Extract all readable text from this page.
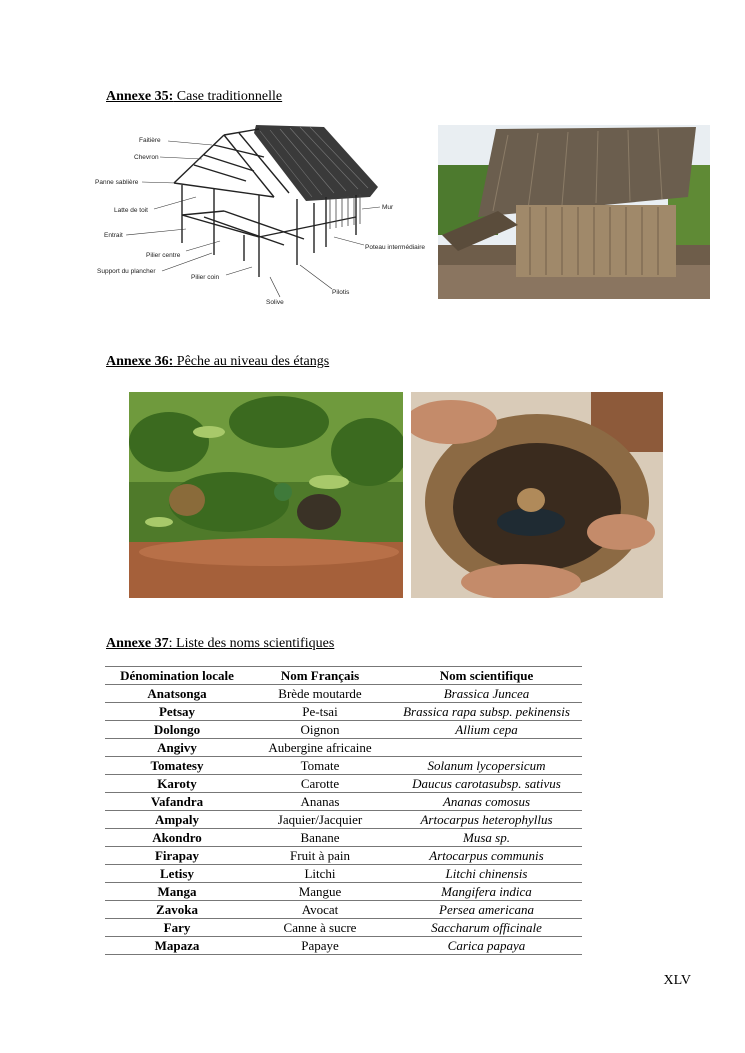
Annexe 35: Case traditionnelle
Faitière
Chevron
Panne sablière
Latte de toit
Entrait
Pilier centre
Support du plancher
Pilier coin
Solive
Pilotis
Poteau intermédiaire
Mur
Annexe 36: Pêche au niveau des étangs
Annexe 37: Liste des noms scientifiques
Dénomination locale	Nom Français	Nom scientifique
Anatsonga	Brède moutarde	Brassica Juncea
Petsay	Pe-tsai	Brassica rapa subsp. pekinensis
Dolongo	Oignon	Allium cepa
Angivy	Aubergine africaine	
Tomatesy	Tomate	Solanum lycopersicum
Karoty	Carotte	Daucus carotasubsp. sativus
Vafandra	Ananas	Ananas comosus
Ampaly	Jaquier/Jacquier	Artocarpus heterophyllus
Akondro	Banane	Musa sp.
Firapay	Fruit à pain	Artocarpus communis
Letisy	Litchi	Litchi chinensis
Manga	Mangue	Mangifera indica
Zavoka	Avocat	Persea americana
Fary	Canne à sucre	Saccharum officinale
Mapaza	Papaye	Carica papaya
XLV
